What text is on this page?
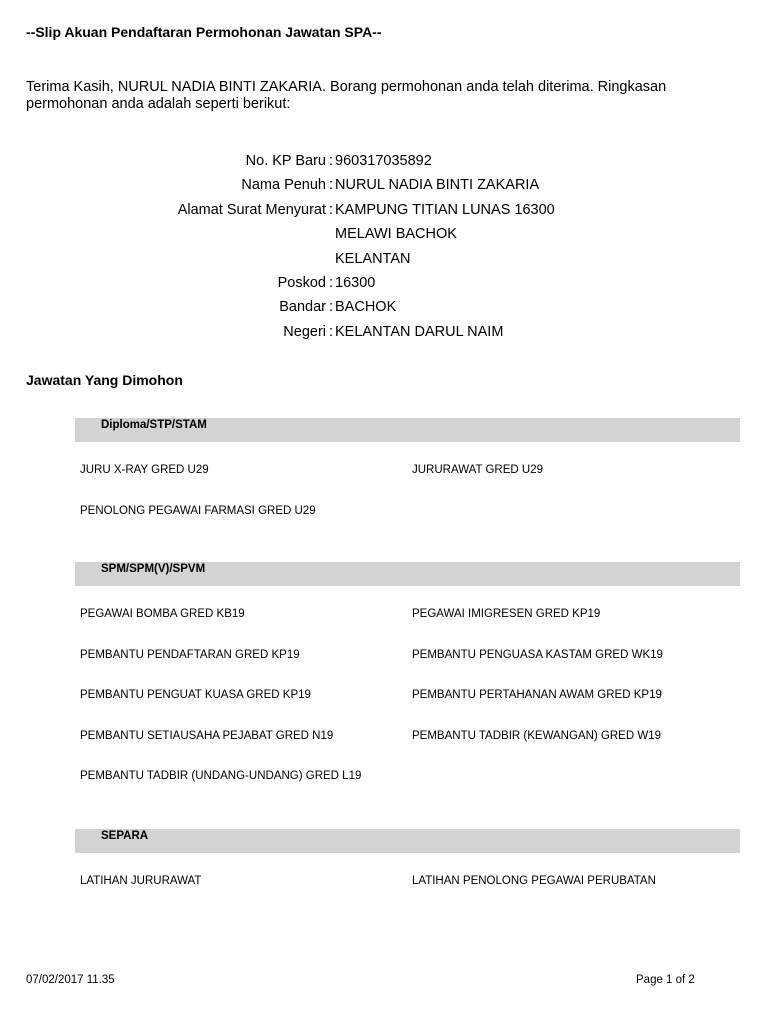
--Slip Akuan Pendaftaran Permohonan Jawatan SPA--
Terima Kasih, NURUL NADIA BINTI ZAKARIA. Borang permohonan anda telah diterima. Ringkasan permohonan anda adalah seperti berikut:
No. KP Baru : 960317035892
Nama Penuh : NURUL NADIA BINTI ZAKARIA
Alamat Surat Menyurat : KAMPUNG TITIAN LUNAS 16300
MELAWI BACHOK
KELANTAN
Poskod : 16300
Bandar : BACHOK
Negeri : KELANTAN DARUL NAIM
Jawatan Yang Dimohon
Diploma/STP/STAM
JURU X-RAY GRED U29	JURURAWAT GRED U29
PENOLONG PEGAWAI FARMASI GRED U29
SPM/SPM(V)/SPVM
PEGAWAI BOMBA GRED KB19	PEGAWAI IMIGRESEN GRED KP19
PEMBANTU PENDAFTARAN GRED KP19	PEMBANTU PENGUASA KASTAM GRED WK19
PEMBANTU PENGUAT KUASA GRED KP19	PEMBANTU PERTAHANAN AWAM GRED KP19
PEMBANTU SETIAUSAHA PEJABAT GRED N19	PEMBANTU TADBIR (KEWANGAN) GRED W19
PEMBANTU TADBIR (UNDANG-UNDANG) GRED L19
SEPARA
LATIHAN JURURAWAT	LATIHAN PENOLONG PEGAWAI PERUBATAN
07/02/2017 11.35	Page 1 of 2
